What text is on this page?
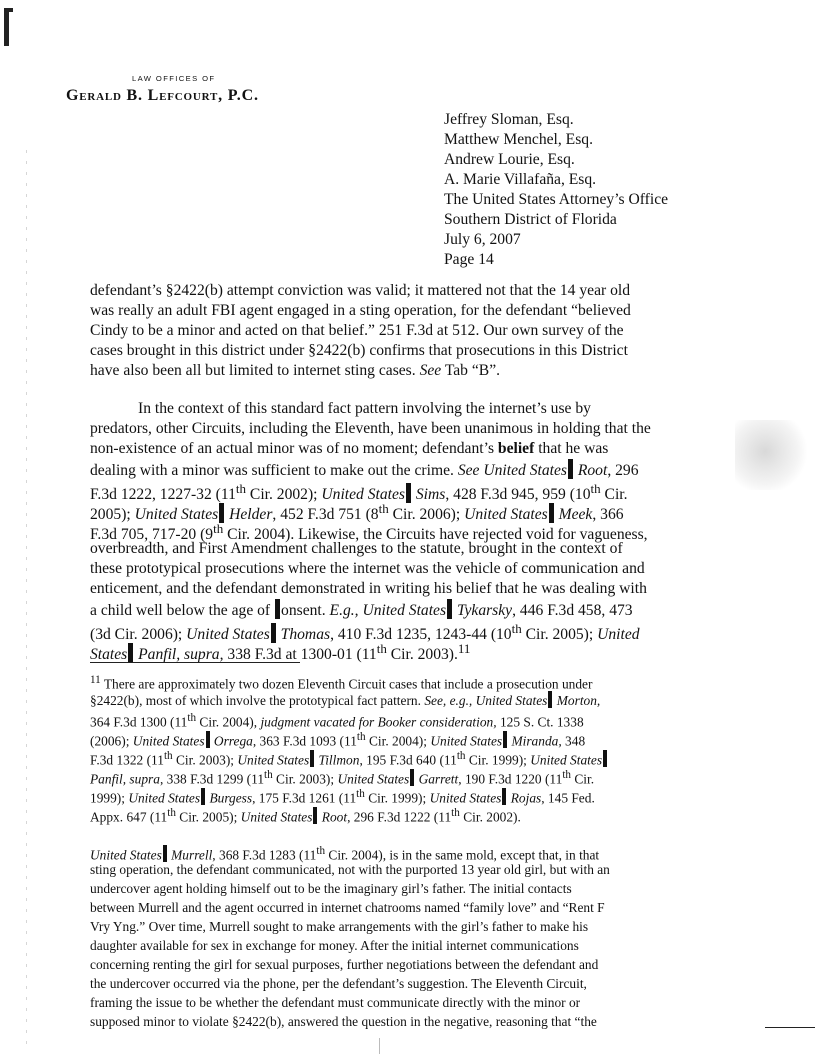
LAW OFFICES OF
Gerald B. Lefcourt, P.C.
Jeffrey Sloman, Esq.
Matthew Menchel, Esq.
Andrew Lourie, Esq.
A. Marie Villafaña, Esq.
The United States Attorney’s Office
Southern District of Florida
July 6, 2007
Page 14
defendant’s §2422(b) attempt conviction was valid; it mattered not that the 14 year old
was really an adult FBI agent engaged in a sting operation, for the defendant “believed
Cindy to be a minor and acted on that belief.” 251 F.3d at 512. Our own survey of the
cases brought in this district under §2422(b) confirms that prosecutions in this District
have also been all but limited to internet sting cases. See Tab “B”.
In the context of this standard fact pattern involving the internet’s use by
predators, other Circuits, including the Eleventh, have been unanimous in holding that the
non-existence of an actual minor was of no moment; defendant’s belief that he was
dealing with a minor was sufficient to make out the crime. See United States Root, 296
F.3d 1222, 1227-32 (11th Cir. 2002); United States Sims, 428 F.3d 945, 959 (10th Cir.
2005); United States Helder, 452 F.3d 751 (8th Cir. 2006); United States Meek, 366
F.3d 705, 717-20 (9th Cir. 2004). Likewise, the Circuits have rejected void for vagueness,
overbreadth, and First Amendment challenges to the statute, brought in the context of
these prototypical prosecutions where the internet was the vehicle of communication and
enticement, and the defendant demonstrated in writing his belief that he was dealing with
a child well below the age of onsent. E.g., United States Tykarsky, 446 F.3d 458, 473
(3d Cir. 2006); United States Thomas, 410 F.3d 1235, 1243-44 (10th Cir. 2005); United
States Panfil, supra, 338 F.3d at 1300-01 (11th Cir. 2003).$^{11}$
$^{11}$ There are approximately two dozen Eleventh Circuit cases that include a prosecution under
§2422(b), most of which involve the prototypical fact pattern. See, e.g., United States Morton,
364 F.3d 1300 (11th Cir. 2004), judgment vacated for Booker consideration, 125 S. Ct. 1338
(2006); United States Orrega, 363 F.3d 1093 (11th Cir. 2004); United States Miranda, 348
F.3d 1322 (11th Cir. 2003); United States Tillmon, 195 F.3d 640 (11th Cir. 1999); United States
Panfil, supra, 338 F.3d 1299 (11th Cir. 2003); United States Garrett, 190 F.3d 1220 (11th Cir.
1999); United States Burgess, 175 F.3d 1261 (11th Cir. 1999); United States Rojas, 145 Fed.
Appx. 647 (11th Cir. 2005); United States Root, 296 F.3d 1222 (11th Cir. 2002).
United States Murrell, 368 F.3d 1283 (11th Cir. 2004), is in the same mold, except that, in that
sting operation, the defendant communicated, not with the purported 13 year old girl, but with an
undercover agent holding himself out to be the imaginary girl’s father. The initial contacts
between Murrell and the agent occurred in internet chatrooms named “family love” and “Rent F
Vry Yng.” Over time, Murrell sought to make arrangements with the girl’s father to make his
daughter available for sex in exchange for money. After the initial internet communications
concerning renting the girl for sexual purposes, further negotiations between the defendant and
the undercover occurred via the phone, per the defendant’s suggestion. The Eleventh Circuit,
framing the issue to be whether the defendant must communicate directly with the minor or
supposed minor to violate §2422(b), answered the question in the negative, reasoning that “the
